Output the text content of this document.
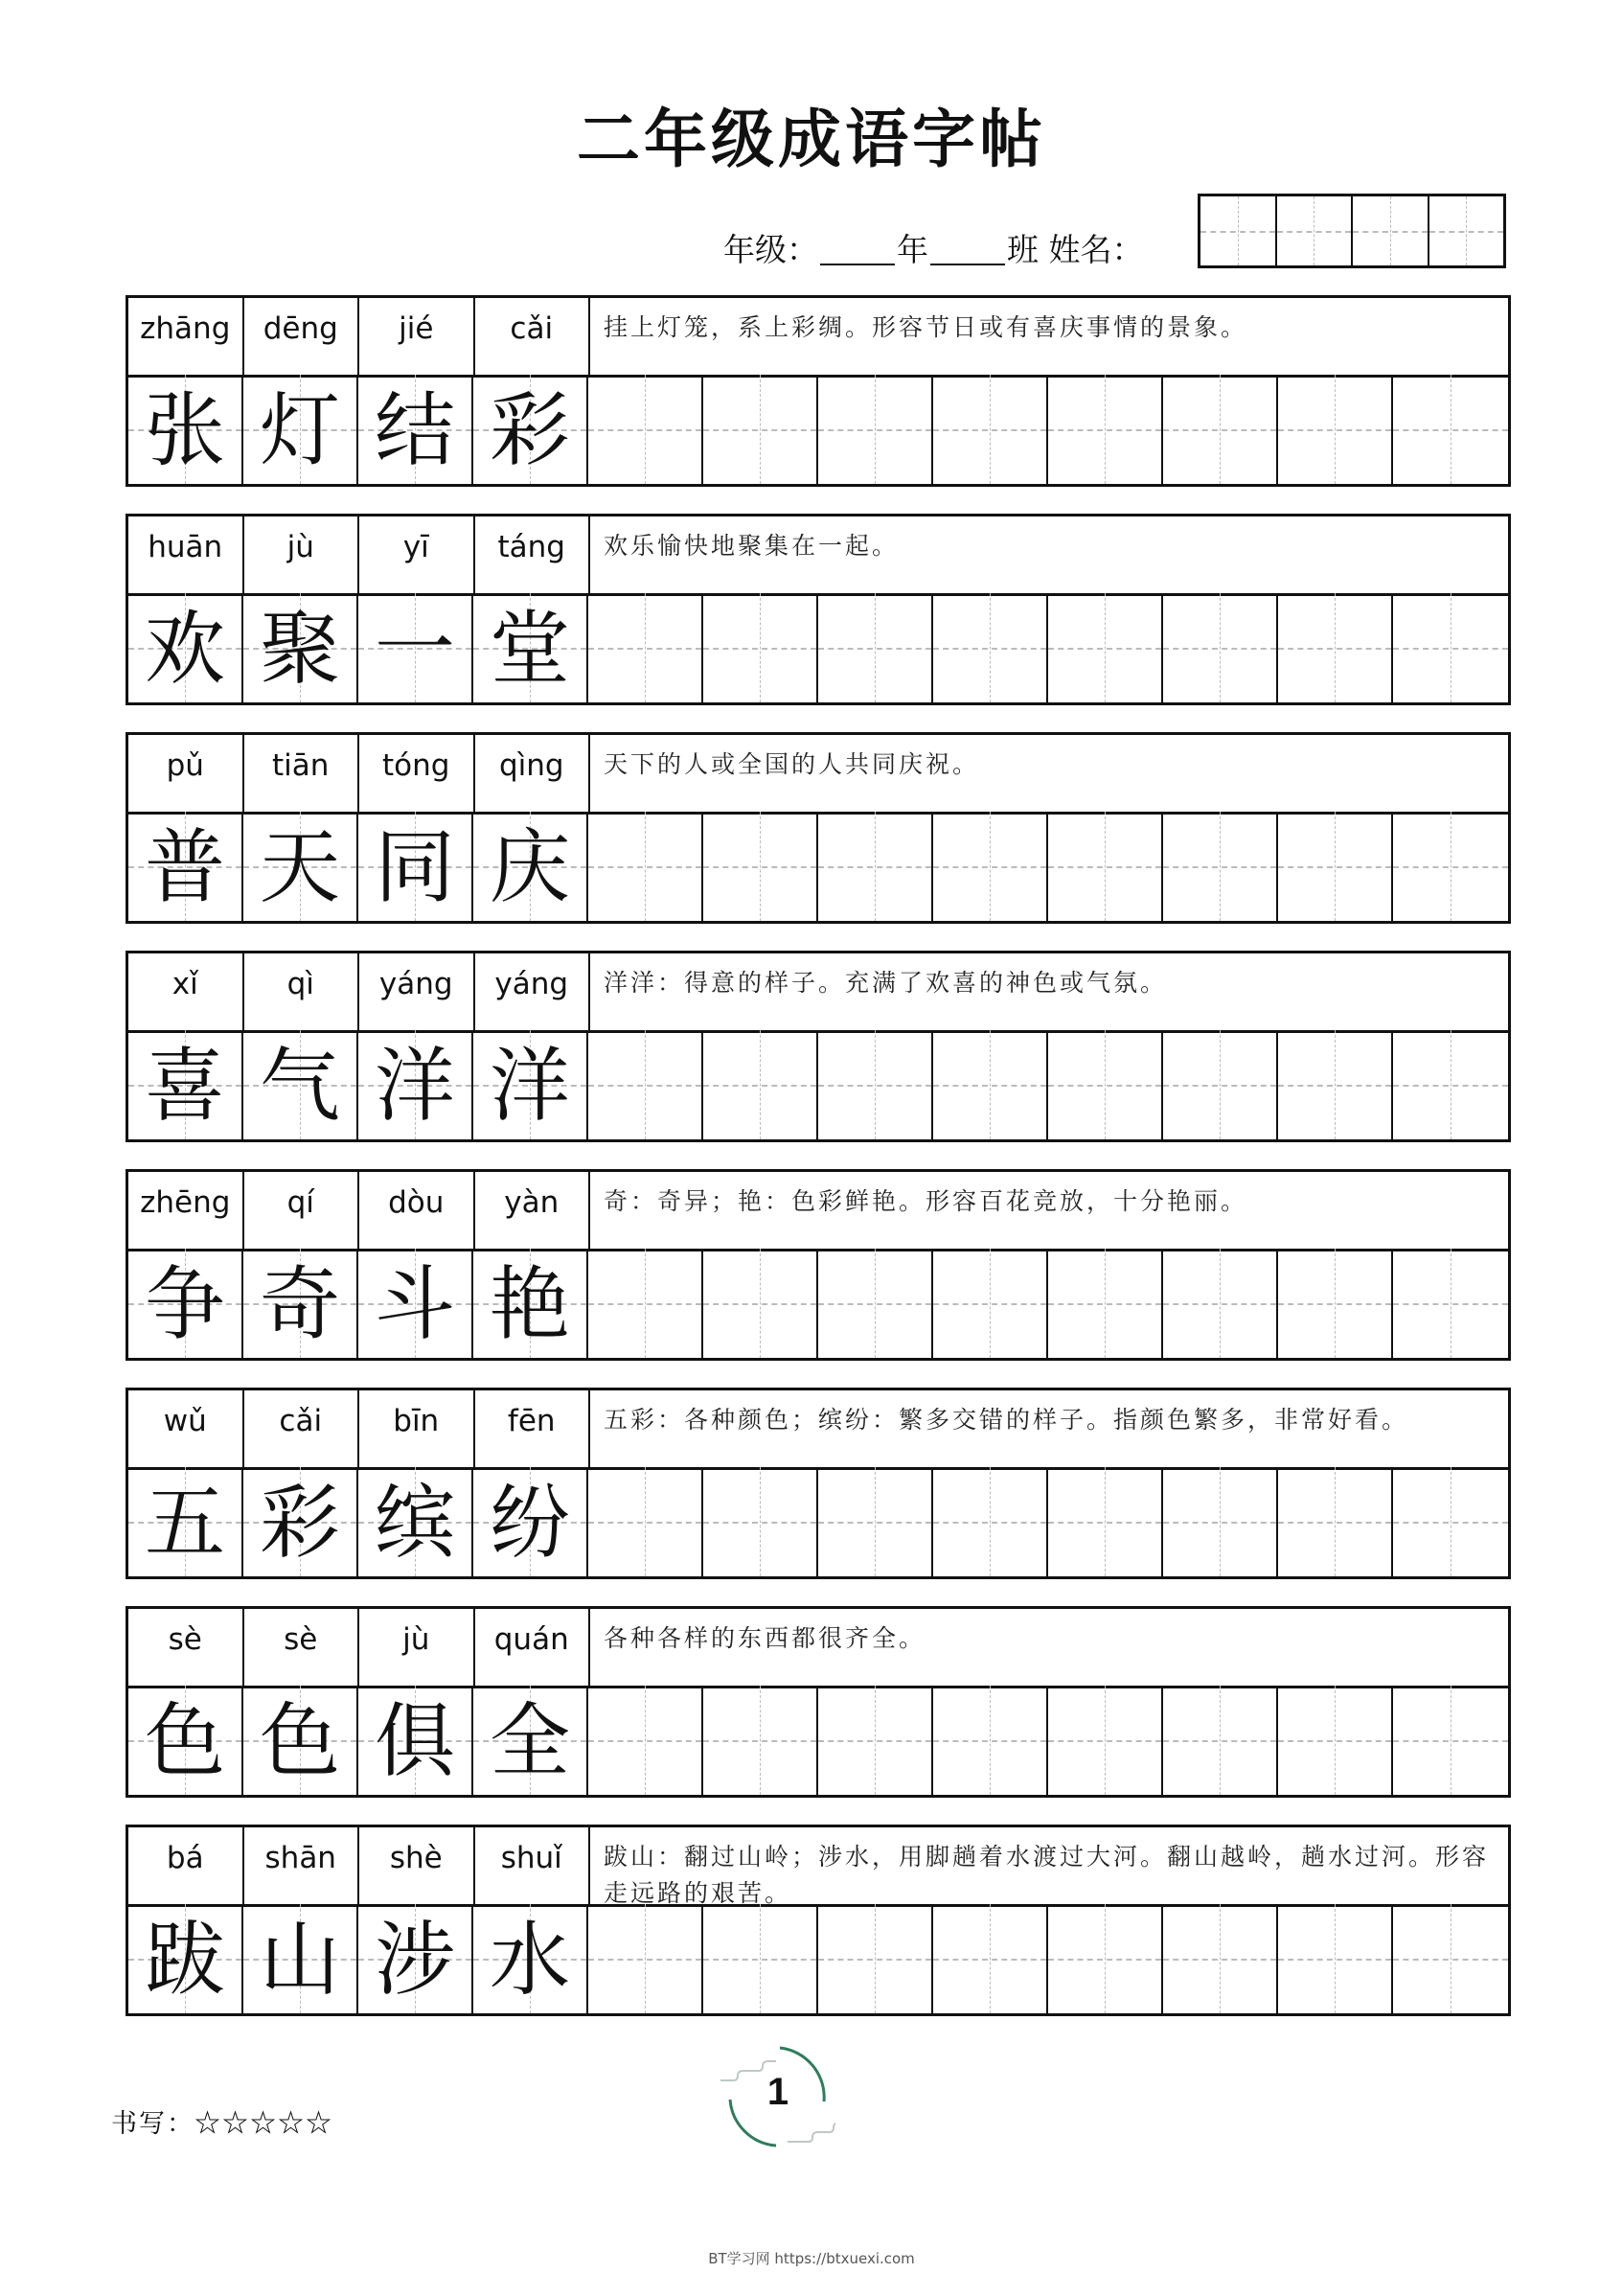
二年级成语字帖
年级： 年 班 姓名：
zhāng	dēng	jié	cǎi	挂上灯笼，系上彩绸。形容节日或有喜庆事情的景象。
张 灯 结 彩
huān	jù	yī	táng	欢乐愉快地聚集在一起。
欢 聚 一 堂
pǔ	tiān	tóng	qìng	天下的人或全国的人共同庆祝。
普 天 同 庆
xǐ	qì	yáng	yáng	洋洋：得意的样子。充满了欢喜的神色或气氛。
喜 气 洋 洋
zhēng	qí	dòu	yàn	奇：奇异；艳：色彩鲜艳。形容百花竞放，十分艳丽。
争 奇 斗 艳
wǔ	cǎi	bīn	fēn	五彩：各种颜色；缤纷：繁多交错的样子。指颜色繁多，非常好看。
五 彩 缤 纷
sè	sè	jù	quán	各种各样的东西都很齐全。
色 色 俱 全
bá	shān	shè	shuǐ	跋山：翻过山岭；涉水，用脚趟着水渡过大河。翻山越岭，趟水过河。形容走远路的艰苦。
跋 山 涉 水
书写：☆☆☆☆☆
1
BT学习网 https://btxuexi.com
